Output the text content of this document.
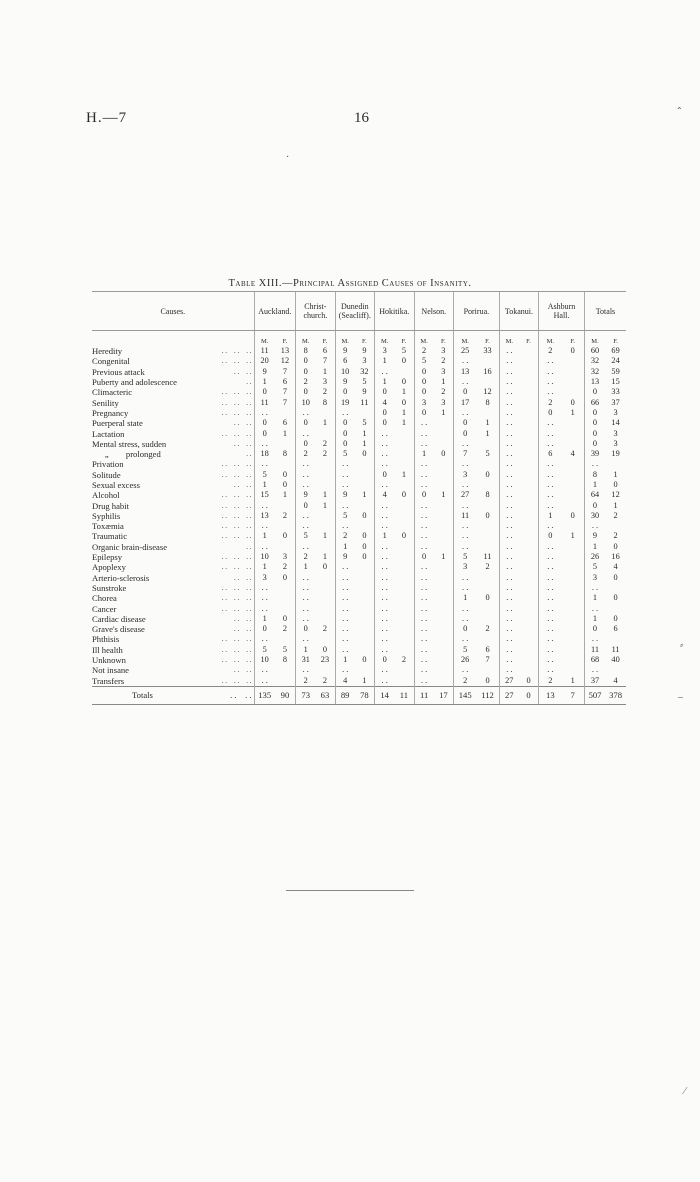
H.—7	16
Table XIII.—Principal Assigned Causes of Insanity.
Causes.		Auckland.		Christ-church.		Dunedin (Seacliff).		Hokitika.		Nelson.		Porirua.		Tokanui.		Ashburn Hall.		Totals	
		M.	F.	M.	F.	M.	F.	M.	F.	M.	F.	M.	F.	M.	F.	M.	F.	M.	F.
Heredity	. .    . .    . .	11	13	8	6	9	9	3	5	2	3	25	33	. .		2	0	60	69
Congenital	. .    . .    . .	20	12	0	7	6	3	1	0	5	2	. .		. .		. .		32	24
Previous attack	. .    . .	9	7	0	1	10	32	. .		0	3	13	16	. .		. .		32	59
Puberty and adolescence	. .	1	6	2	3	9	5	1	0	0	1	. .		. .		. .		13	15
Climacteric	. .    . .    . .	0	7	0	2	0	9	0	1	0	2	0	12	. .		. .		0	33
Senility	. .    . .    . .	11	7	10	8	19	11	4	0	3	3	17	8	. .		2	0	66	37
Pregnancy	. .    . .    . .	. .		. .		. .		0	1	0	1	. .		. .		0	1	0	3
Puerperal state	. .    . .	0	6	0	1	0	5	0	1	. .		0	1	. .		. .		0	14
Lactation	. .    . .    . .	0	1	. .		0	1	. .		. .		0	1	. .		. .		0	3
Mental stress, sudden	. .    . .	. .		0	2	0	1	. .		. .		. .		. .		. .		0	3
„        prolonged	. .	18	8	2	2	5	0	. .		1	0	7	5	. .		6	4	39	19
Privation	. .    . .    . .	. .		. .		. .		. .		. .		. .		. .		. .		. .	
Solitude	. .    . .    . .	5	0	. .		. .		0	1	. .		3	0	. .		. .		8	1
Sexual excess	. .    . .	1	0	. .		. .		. .		. .		. .		. .		. .		1	0
Alcohol	. .    . .    . .	15	1	9	1	9	1	4	0	0	1	27	8	. .		. .		64	12
Drug habit	. .    . .    . .	. .		0	1	. .		. .		. .		. .		. .		. .		0	1
Syphilis	. .    . .    . .	13	2	. .		5	0	. .		. .		11	0	. .		1	0	30	2
Toxæmia	. .    . .    . .	. .		. .		. .		. .		. .		. .		. .		. .		. .	
Traumatic	. .    . .    . .	1	0	5	1	2	0	1	0	. .		. .		. .		0	1	9	2
Organic brain-disease	. .	. .		. .		1	0	. .		. .		. .		. .		. .		1	0
Epilepsy	. .    . .    . .	10	3	2	1	9	0	. .		0	1	5	11	. .		. .		26	16
Apoplexy	. .    . .    . .	1	2	1	0	. .		. .		. .		3	2	. .		. .		5	4
Arterio-sclerosis	. .    . .	3	0	. .		. .		. .		. .		. .		. .		. .		3	0
Sunstroke	. .    . .    . .	. .		. .		. .		. .		. .		. .		. .		. .		. .	
Chorea	. .    . .    . .	. .		. .		. .		. .		. .		1	0	. .		. .		1	0
Cancer	. .    . .    . .	. .		. .		. .		. .		. .		. .		. .		. .		. .	
Cardiac disease	. .    . .	1	0	. .		. .		. .		. .		. .		. .		. .		1	0
Grave's disease	. .    . .	0	2	0	2	. .		. .		. .		0	2	. .		. .		0	6
Phthisis	. .    . .    . .	. .		. .		. .		. .		. .		. .		. .		. .		. .	
Ill health	. .    . .    . .	5	5	1	0	. .		. .		. .		5	6	. .		. .		11	11
Unknown	. .    . .    . .	10	8	31	23	1	0	0	2	. .		26	7	. .		. .		68	40
Not insane	. .    . .	. .		. .		. .		. .		. .		. .		. .		. .		. .	
Transfers	. .    . .    . .	. .		2	2	4	1	. .		. .		2	0	27	0	2	1	37	4
Totals	. .    . .	135	90	73	63	89	78	14	11	11	17	145	112	27	0	13	7	507	378
·
⌃
⸗
–
⁄
